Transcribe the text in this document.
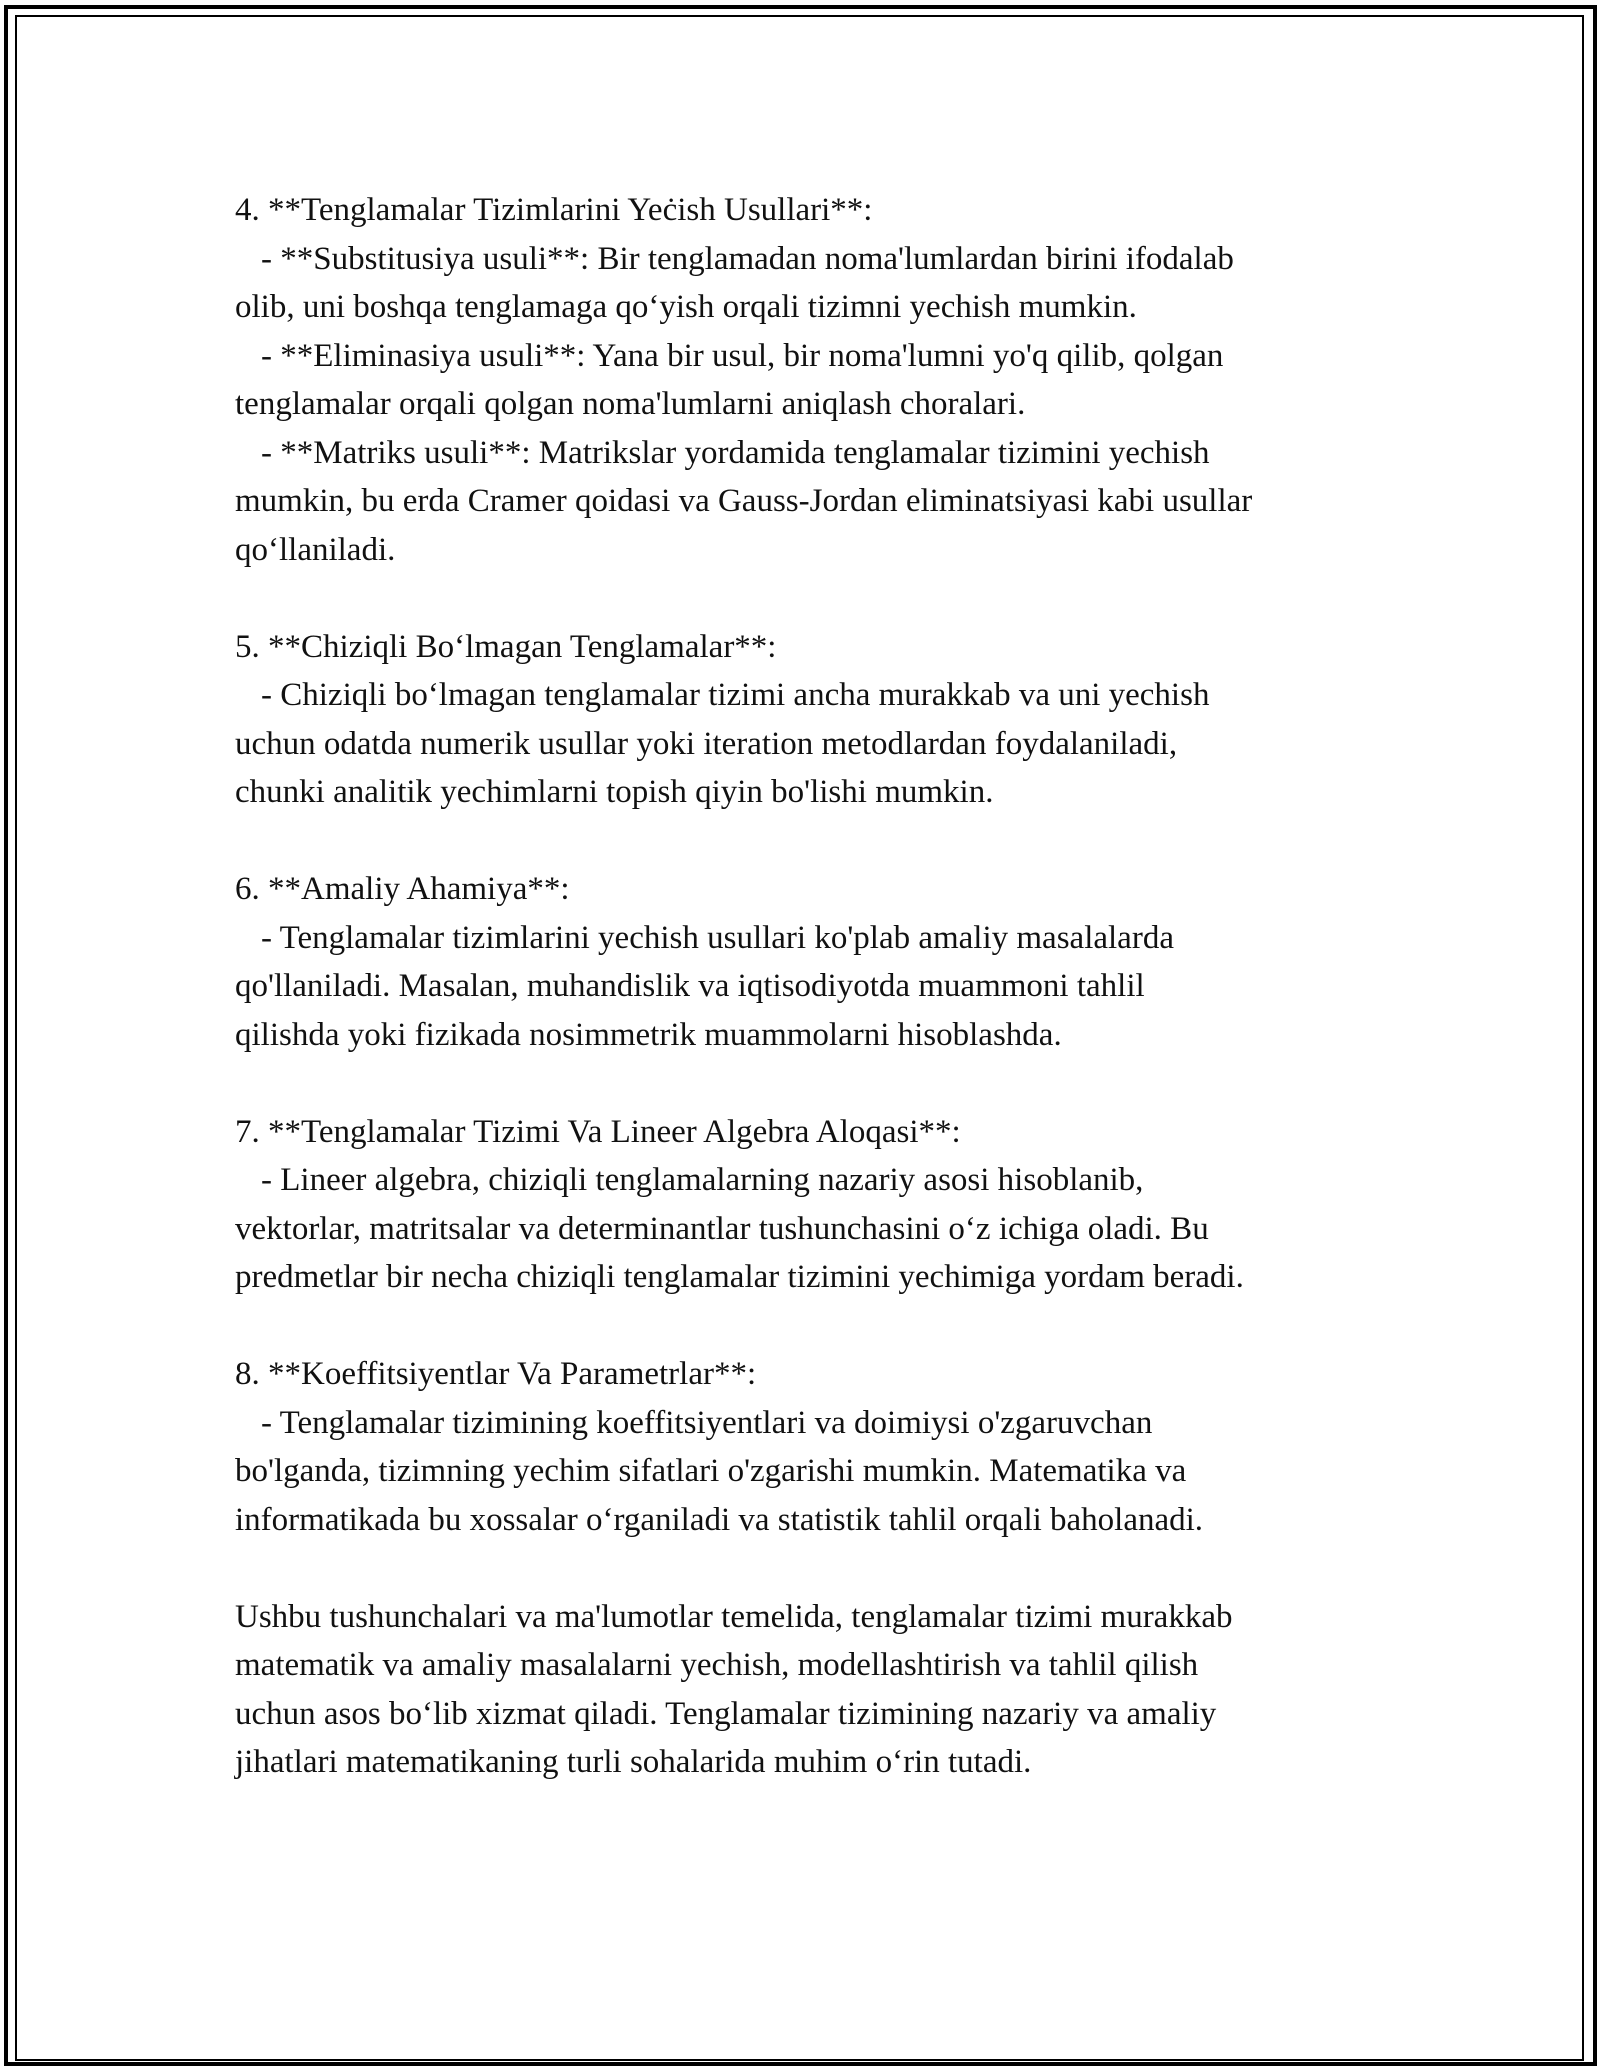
4. **Tenglamalar Tizimlarini Yeċish Usullari**:
- **Substitusiya usuli**: Bir tenglamadan noma'lumlardan birini ifodalab
olib, uni boshqa tenglamaga qo‘yish orqali tizimni yechish mumkin.
- **Eliminasiya usuli**: Yana bir usul, bir noma'lumni yo'q qilib, qolgan
tenglamalar orqali qolgan noma'lumlarni aniqlash choralari.
- **Matriks usuli**: Matrikslar yordamida tenglamalar tizimini yechish
mumkin, bu erda Cramer qoidasi va Gauss-Jordan eliminatsiyasi kabi usullar
qo‘llaniladi.
5. **Chiziqli Bo‘lmagan Tenglamalar**:
- Chiziqli bo‘lmagan tenglamalar tizimi ancha murakkab va uni yechish
uchun odatda numerik usullar yoki iteration metodlardan foydalaniladi,
chunki analitik yechimlarni topish qiyin bo'lishi mumkin.
6. **Amaliy Ahamiya**:
- Tenglamalar tizimlarini yechish usullari ko'plab amaliy masalalarda
qo'llaniladi. Masalan, muhandislik va iqtisodiyotda muammoni tahlil
qilishda yoki fizikada nosimmetrik muammolarni hisoblashda.
7. **Tenglamalar Tizimi Va Lineer Algebra Aloqasi**:
- Lineer algebra, chiziqli tenglamalarning nazariy asosi hisoblanib,
vektorlar, matritsalar va determinantlar tushunchasini o‘z ichiga oladi. Bu
predmetlar bir necha chiziqli tenglamalar tizimini yechimiga yordam beradi.
8. **Koeffitsiyentlar Va Parametrlar**:
- Tenglamalar tizimining koeffitsiyentlari va doimiysi o'zgaruvchan
bo'lganda, tizimning yechim sifatlari o'zgarishi mumkin. Matematika va
informatikada bu xossalar o‘rganiladi va statistik tahlil orqali baholanadi.
Ushbu tushunchalari va ma'lumotlar temelida, tenglamalar tizimi murakkab
matematik va amaliy masalalarni yechish, modellashtirish va tahlil qilish
uchun asos bo‘lib xizmat qiladi. Tenglamalar tizimining nazariy va amaliy
jihatlari matematikaning turli sohalarida muhim o‘rin tutadi.
